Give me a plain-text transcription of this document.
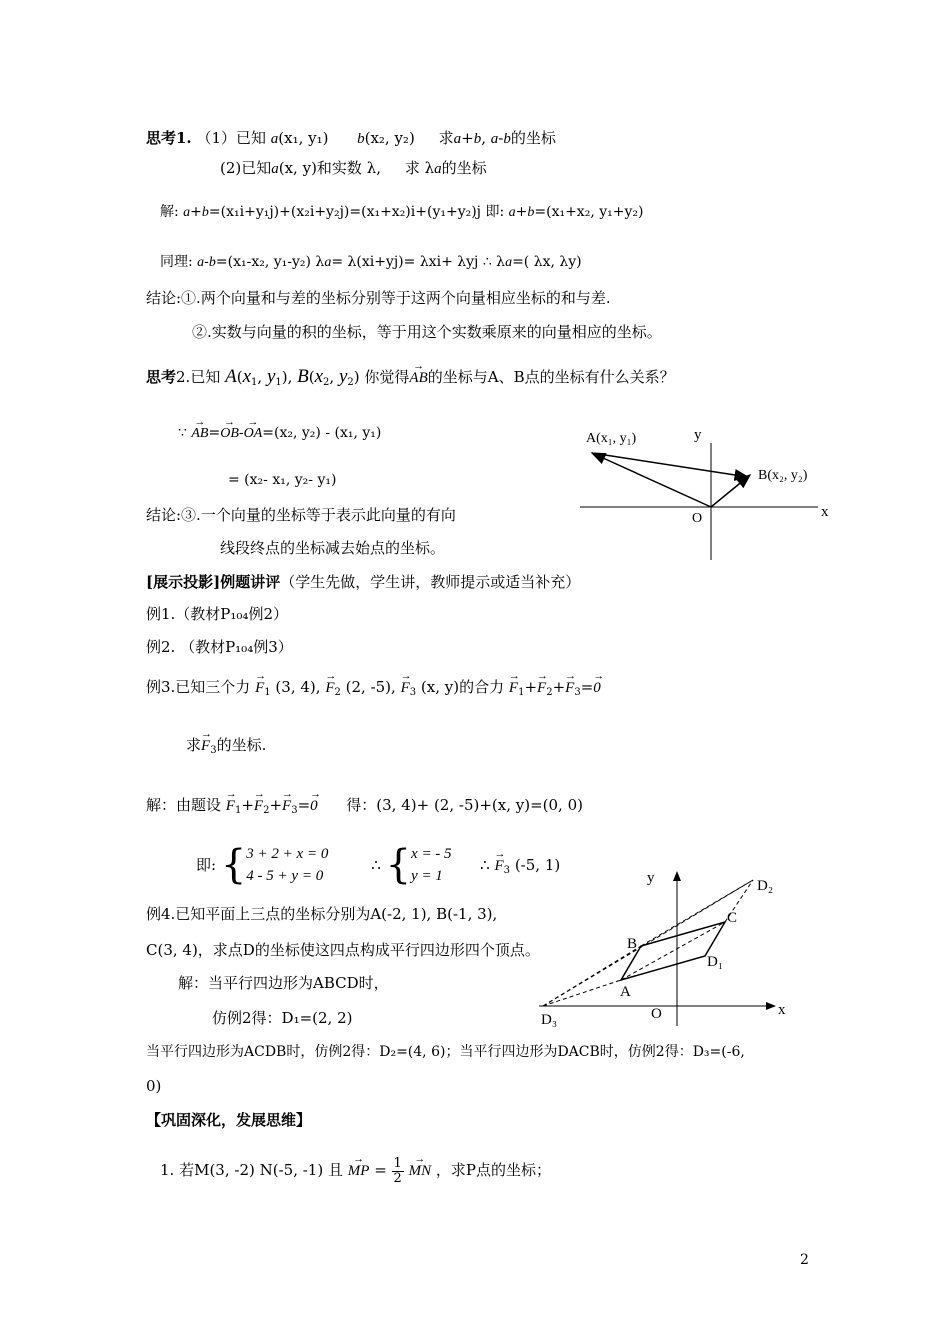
思考1. （1）已知 a(x₁, y₁) b(x₂, y₂) 求a+b, a-b的坐标
(2)已知a(x, y)和实数 λ, 求 λa的坐标
解: a+b=(x₁i+y₁j)+(x₂i+y₂j)=(x₁+x₂)i+(y₁+y₂)j 即: a+b=(x₁+x₂, y₁+y₂)
同理: a-b=(x₁-x₂, y₁-y₂) λa= λ(xi+yj)= λxi+ λyj ∴ λa=( λx, λy)
结论:①.两个向量和与差的坐标分别等于这两个向量相应坐标的和与差.
②.实数与向量的积的坐标，等于用这个实数乘原来的向量相应的坐标。
思考2.已知 $A(x_1$, $y_1$), $B(x_2$, $y_2$) 你觉得→ AB的坐标与A、B点的坐标有什么关系？
∵ → AB=→ OB-→ OA=(x₂, y₂) - (x₁, y₁)
= (x₂- x₁, y₂- y₁)
结论:③.一个向量的坐标等于表示此向量的有向
线段终点的坐标减去始点的坐标。
A(x₁, y₁)
B(x₂, y₂)
O	x
y
[展示投影]例题讲评（学生先做，学生讲，教师提示或适当补充）
例1.（教材P₁₀₄例2）
例2. （教材P₁₀₄例3）
例3.已知三个力 → $F_1$ (3, 4), → $F_2$ (2, -5), → $F_3$ (x, y)的合力 → $F_1+\to F_2+\to F_3=\to 0$
求→ $F_3$的坐标.
解：由题设 → $F_1+\to F_2+\to F_3=\to 0$ 得：(3, 4)+ (2, -5)+(x, y)=(0, 0)
即: {3 + 2 + x = 0
4 - 5 + y = 0         ∴ {x = - 5
y = 1      ∴ → $F_3$ (-5, 1)
例4.已知平面上三点的坐标分别为A(-2, 1), B(-1, 3),
C(3, 4)，求点D的坐标使这四点构成平行四边形四个顶点。
解：当平行四边形为ABCD时，
仿例2得：D₁=(2, 2)
当平行四边形为ACDB时，仿例2得：D₂=(4, 6)；当平行四边形为DACB时，仿例2得：D₃=(-6,
0)
A
B
C
D₁
D₂
D₃	O	x
y
【巩固深化，发展思维】
1. 若M(3, -2) N(-5, -1) 且 → MP = $\frac{1}{2}$ → MN ，求P点的坐标；
2
